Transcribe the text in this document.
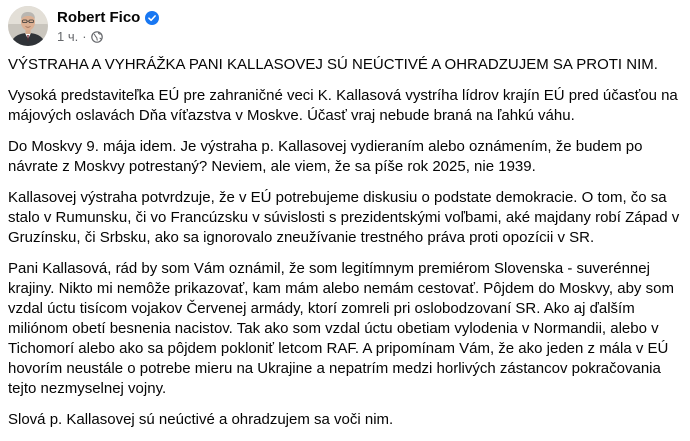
Robert Fico
1 ч. ·

VÝSTRAHA A VYHRÁŽKA PANI KALLASOVEJ SÚ NEÚCTIVÉ A OHRADZUJEM SA PROTI NIM.

Vysoká predstaviteľka EÚ pre zahraničné veci K. Kallasová vystríha lídrov krajín EÚ pred účasťou na májových oslavách Dňa víťazstva v Moskve. Účasť vraj nebude braná na ľahkú váhu.

Do Moskvy 9. mája idem. Je výstraha p. Kallasovej vydieraním alebo oznámením, že budem po návrate z Moskvy potrestaný? Neviem, ale viem, že sa píše rok 2025, nie 1939.

Kallasovej výstraha potvrdzuje, že v EÚ potrebujeme diskusiu o podstate demokracie. O tom, čo sa stalo v Rumunsku, či vo Francúzsku v súvislosti s prezidentskými voľbami, aké majdany robí Západ v Gruzínsku, či Srbsku, ako sa ignorovalo zneužívanie trestného práva proti opozícii v SR.

Pani Kallasová, rád by som Vám oznámil, že som legitímnym premiérom Slovenska - suverénnej krajiny. Nikto mi nemôže prikazovať, kam mám alebo nemám cestovať. Pôjdem do Moskvy, aby som vzdal úctu tisícom vojakov Červenej armády, ktorí zomreli pri oslobodzovaní SR. Ako aj ďalším miliónom obetí besnenia nacistov. Tak ako som vzdal úctu obetiam vylodenia v Normandii, alebo v Tichomorí alebo ako sa pôjdem pokloniť letcom RAF. A pripomínam Vám, že ako jeden z mála v EÚ hovorím neustále o potrebe mieru na Ukrajine a nepatrím medzi horlivých zástancov pokračovania tejto nezmyselnej vojny.

Slová p. Kallasovej sú neúctivé a ohradzujem sa voči nim.
